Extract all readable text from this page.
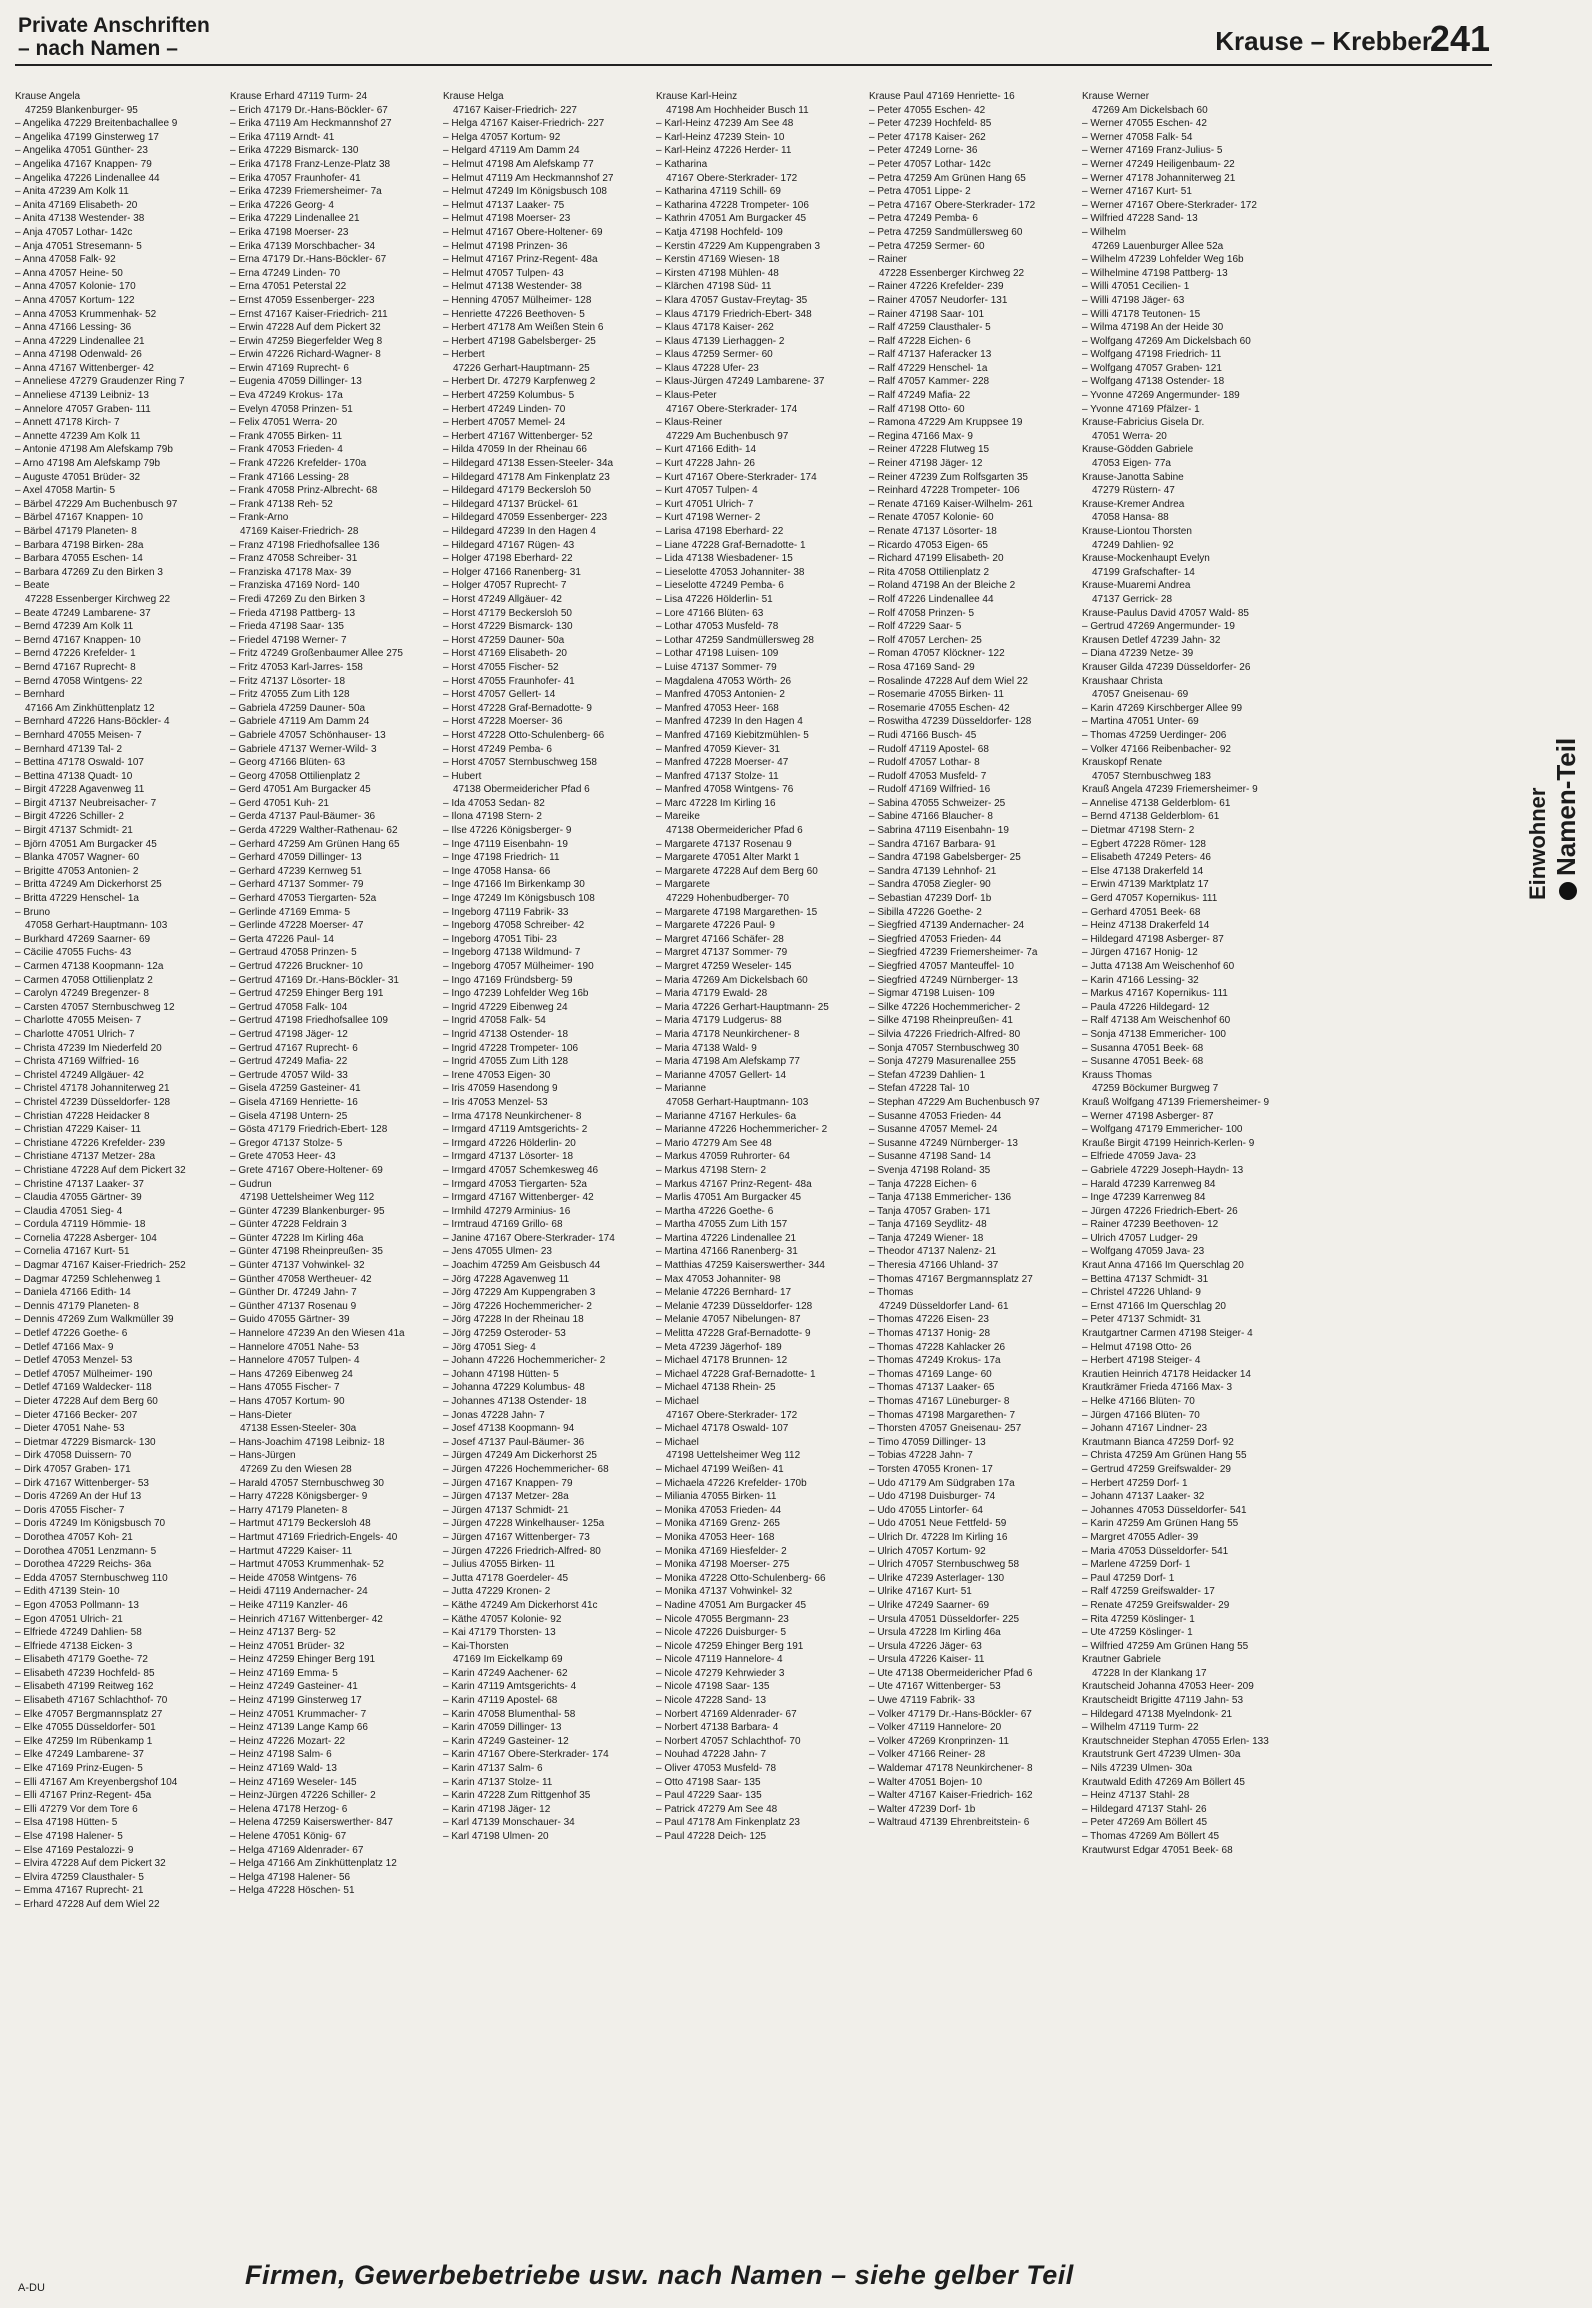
Private Anschriften
– nach Namen –	Krause – Krebber
241
Krause Angela
47259 Blankenburger- 95
– Angelika 47229 Breitenbachallee 9
– Angelika 47199 Ginsterweg 17
– Angelika 47051 Günther- 23
– Angelika 47167 Knappen- 79
– Angelika 47226 Lindenallee 44
– Anita 47239 Am Kolk 11
– Anita 47169 Elisabeth- 20
– Anita 47138 Westender- 38
– Anja 47057 Lothar- 142c
– Anja 47051 Stresemann- 5
– Anna 47058 Falk- 92
– Anna 47057 Heine- 50
– Anna 47057 Kolonie- 170
– Anna 47057 Kortum- 122
– Anna 47053 Krummenhak- 52
– Anna 47166 Lessing- 36
– Anna 47229 Lindenallee 21
– Anna 47198 Odenwald- 26
– Anna 47167 Wittenberger- 42
– Anneliese 47279 Graudenzer Ring 7
– Anneliese 47139 Leibniz- 13
– Annelore 47057 Graben- 111
– Annett 47178 Kirch- 7
– Annette 47239 Am Kolk 11
– Antonie 47198 Am Alefskamp 79b
– Arno 47198 Am Alefskamp 79b
– Auguste 47051 Brüder- 32
– Axel 47058 Martin- 5
– Bärbel 47229 Am Buchenbusch 97
– Bärbel 47167 Knappen- 10
– Bärbel 47179 Planeten- 8
– Barbara 47198 Birken- 28a
– Barbara 47055 Eschen- 14
– Barbara 47269 Zu den Birken 3
– Beate
47228 Essenberger Kirchweg 22
– Beate 47249 Lambarene- 37
– Bernd 47239 Am Kolk 11
– Bernd 47167 Knappen- 10
– Bernd 47226 Krefelder- 1
– Bernd 47167 Ruprecht- 8
– Bernd 47058 Wintgens- 22
– Bernhard
47166 Am Zinkhüttenplatz 12
– Bernhard 47226 Hans-Böckler- 4
– Bernhard 47055 Meisen- 7
– Bernhard 47139 Tal- 2
– Bettina 47178 Oswald- 107
– Bettina 47138 Quadt- 10
– Birgit 47228 Agavenweg 11
– Birgit 47137 Neubreisacher- 7
– Birgit 47226 Schiller- 2
– Birgit 47137 Schmidt- 21
– Björn 47051 Am Burgacker 45
– Blanka 47057 Wagner- 60
– Brigitte 47053 Antonien- 2
– Britta 47249 Am Dickerhorst 25
– Britta 47229 Henschel- 1a
– Bruno
47058 Gerhart-Hauptmann- 103
– Burkhard 47269 Saarner- 69
– Cäcilie 47055 Fuchs- 43
– Carmen 47138 Koopmann- 12a
– Carmen 47058 Ottilienplatz 2
– Carolyn 47249 Bregenzer- 8
– Carsten 47057 Sternbuschweg 12
– Charlotte 47055 Meisen- 7
– Charlotte 47051 Ulrich- 7
– Christa 47239 Im Niederfeld 20
– Christa 47169 Wilfried- 16
– Christel 47249 Allgäuer- 42
– Christel 47178 Johanniterweg 21
– Christel 47239 Düsseldorfer- 128
– Christian 47228 Heidacker 8
– Christian 47229 Kaiser- 11
– Christiane 47226 Krefelder- 239
– Christiane 47137 Metzer- 28a
– Christiane 47228 Auf dem Pickert 32
– Christine 47137 Laaker- 37
– Claudia 47055 Gärtner- 39
– Claudia 47051 Sieg- 4
– Cordula 47119 Hömmie- 18
– Cornelia 47228 Asberger- 104
– Cornelia 47167 Kurt- 51
– Dagmar 47167 Kaiser-Friedrich- 252
– Dagmar 47259 Schlehenweg 1
– Daniela 47166 Edith- 14
– Dennis 47179 Planeten- 8
– Dennis 47269 Zum Walkmüller 39
– Detlef 47226 Goethe- 6
– Detlef 47166 Max- 9
– Detlef 47053 Menzel- 53
– Detlef 47057 Mülheimer- 190
– Detlef 47169 Waldecker- 118
– Dieter 47228 Auf dem Berg 60
– Dieter 47166 Becker- 207
– Dieter 47051 Nahe- 53
– Dietmar 47229 Bismarck- 130
– Dirk 47058 Duissern- 70
– Dirk 47057 Graben- 171
– Dirk 47167 Wittenberger- 53
– Doris 47269 An der Huf 13
– Doris 47055 Fischer- 7
– Doris 47249 Im Königsbusch 70
– Dorothea 47057 Koh- 21
– Dorothea 47051 Lenzmann- 5
– Dorothea 47229 Reichs- 36a
– Edda 47057 Sternbuschweg 110
– Edith 47139 Stein- 10
– Egon 47053 Pollmann- 13
– Egon 47051 Ulrich- 21
– Elfriede 47249 Dahlien- 58
– Elfriede 47138 Eicken- 3
– Elisabeth 47179 Goethe- 72
– Elisabeth 47239 Hochfeld- 85
– Elisabeth 47199 Reitweg 162
– Elisabeth 47167 Schlachthof- 70
– Elke 47057 Bergmannsplatz 27
– Elke 47055 Düsseldorfer- 501
– Elke 47259 Im Rübenkamp 1
– Elke 47249 Lambarene- 37
– Elke 47169 Prinz-Eugen- 5
– Elli 47167 Am Kreyenbergshof 104
– Elli 47167 Prinz-Regent- 45a
– Elli 47279 Vor dem Tore 6
– Elsa 47198 Hütten- 5
– Else 47198 Halener- 5
– Else 47169 Pestalozzi- 9
– Elvira 47228 Auf dem Pickert 32
– Elvira 47259 Clausthaler- 5
– Emma 47167 Ruprecht- 21
– Erhard 47228 Auf dem Wiel 22
Krause Erhard 47119 Turm- 24
– Erich 47179 Dr.-Hans-Böckler- 67
– Erika 47119 Am Heckmannshof 27
– Erika 47119 Arndt- 41
– Erika 47229 Bismarck- 130
– Erika 47178 Franz-Lenze-Platz 38
– Erika 47057 Fraunhofer- 41
– Erika 47239 Friemersheimer- 7a
– Erika 47226 Georg- 4
– Erika 47229 Lindenallee 21
– Erika 47198 Moerser- 23
– Erika 47139 Morschbacher- 34
– Erna 47179 Dr.-Hans-Böckler- 67
– Erna 47249 Linden- 70
– Erna 47051 Peterstal 22
– Ernst 47059 Essenberger- 223
– Ernst 47167 Kaiser-Friedrich- 211
– Erwin 47228 Auf dem Pickert 32
– Erwin 47259 Biegerfelder Weg 8
– Erwin 47226 Richard-Wagner- 8
– Erwin 47169 Ruprecht- 6
– Eugenia 47059 Dillinger- 13
– Eva 47249 Krokus- 17a
– Evelyn 47058 Prinzen- 51
– Felix 47051 Werra- 20
– Frank 47055 Birken- 11
– Frank 47053 Frieden- 4
– Frank 47226 Krefelder- 170a
– Frank 47166 Lessing- 28
– Frank 47058 Prinz-Albrecht- 68
– Frank 47138 Reh- 52
– Frank-Arno
47169 Kaiser-Friedrich- 28
– Franz 47198 Friedhofsallee 136
– Franz 47058 Schreiber- 31
– Franziska 47178 Max- 39
– Franziska 47169 Nord- 140
– Fredi 47269 Zu den Birken 3
– Frieda 47198 Pattberg- 13
– Frieda 47198 Saar- 135
– Friedel 47198 Werner- 7
– Fritz 47249 Großenbaumer Allee 275
– Fritz 47053 Karl-Jarres- 158
– Fritz 47137 Lösorter- 18
– Fritz 47055 Zum Lith 128
– Gabriela 47259 Dauner- 50a
– Gabriele 47119 Am Damm 24
– Gabriele 47057 Schönhauser- 13
– Gabriele 47137 Werner-Wild- 3
– Georg 47166 Blüten- 63
– Georg 47058 Ottilienplatz 2
– Gerd 47051 Am Burgacker 45
– Gerd 47051 Kuh- 21
– Gerda 47137 Paul-Bäumer- 36
– Gerda 47229 Walther-Rathenau- 62
– Gerhard 47259 Am Grünen Hang 65
– Gerhard 47059 Dillinger- 13
– Gerhard 47239 Kernweg 51
– Gerhard 47137 Sommer- 79
– Gerhard 47053 Tiergarten- 52a
– Gerlinde 47169 Emma- 5
– Gerlinde 47228 Moerser- 47
– Gerta 47226 Paul- 14
– Gertraud 47058 Prinzen- 5
– Gertrud 47226 Bruckner- 10
– Gertrud 47169 Dr.-Hans-Böckler- 31
– Gertrud 47259 Ehinger Berg 191
– Gertrud 47058 Falk- 104
– Gertrud 47198 Friedhofsallee 109
– Gertrud 47198 Jäger- 12
– Gertrud 47167 Ruprecht- 6
– Gertrud 47249 Mafia- 22
– Gertrude 47057 Wild- 33
– Gisela 47259 Gasteiner- 41
– Gisela 47169 Henriette- 16
– Gisela 47198 Untern- 25
– Gösta 47179 Friedrich-Ebert- 128
– Gregor 47137 Stolze- 5
– Grete 47053 Heer- 43
– Grete 47167 Obere-Holtener- 69
– Gudrun
47198 Uettelsheimer Weg 112
– Günter 47239 Blankenburger- 95
– Günter 47228 Feldrain 3
– Günter 47228 Im Kirling 46a
– Günter 47198 Rheinpreußen- 35
– Günter 47137 Vohwinkel- 32
– Günther 47058 Wertheuer- 42
– Günther Dr. 47249 Jahn- 7
– Günther 47137 Rosenau 9
– Guido 47055 Gärtner- 39
– Hannelore 47239 An den Wiesen 41a
– Hannelore 47051 Nahe- 53
– Hannelore 47057 Tulpen- 4
– Hans 47269 Eibenweg 24
– Hans 47055 Fischer- 7
– Hans 47057 Kortum- 90
– Hans-Dieter
47138 Essen-Steeler- 30a
– Hans-Joachim 47198 Leibniz- 18
– Hans-Jürgen
47269 Zu den Wiesen 28
– Harald 47057 Sternbuschweg 30
– Harry 47228 Königsberger- 9
– Harry 47179 Planeten- 8
– Hartmut 47179 Beckersloh 48
– Hartmut 47169 Friedrich-Engels- 40
– Hartmut 47229 Kaiser- 11
– Hartmut 47053 Krummenhak- 52
– Heide 47058 Wintgens- 76
– Heidi 47119 Andernacher- 24
– Heike 47119 Kanzler- 46
– Heinrich 47167 Wittenberger- 42
– Heinz 47137 Berg- 52
– Heinz 47051 Brüder- 32
– Heinz 47259 Ehinger Berg 191
– Heinz 47169 Emma- 5
– Heinz 47249 Gasteiner- 41
– Heinz 47199 Ginsterweg 17
– Heinz 47051 Krummacher- 7
– Heinz 47139 Lange Kamp 66
– Heinz 47226 Mozart- 22
– Heinz 47198 Salm- 6
– Heinz 47169 Wald- 13
– Heinz 47169 Weseler- 145
– Heinz-Jürgen 47226 Schiller- 2
– Helena 47178 Herzog- 6
– Helena 47259 Kaiserswerther- 847
– Helene 47051 König- 67
– Helga 47169 Aldenrader- 67
– Helga 47166 Am Zinkhüttenplatz 12
– Helga 47198 Halener- 56
– Helga 47228 Höschen- 51
Krause Helga
47167 Kaiser-Friedrich- 227
– Helga 47167 Kaiser-Friedrich- 227
– Helga 47057 Kortum- 92
– Helgard 47119 Am Damm 24
– Helmut 47198 Am Alefskamp 77
– Helmut 47119 Am Heckmannshof 27
– Helmut 47249 Im Königsbusch 108
– Helmut 47137 Laaker- 75
– Helmut 47198 Moerser- 23
– Helmut 47167 Obere-Holtener- 69
– Helmut 47198 Prinzen- 36
– Helmut 47167 Prinz-Regent- 48a
– Helmut 47057 Tulpen- 43
– Helmut 47138 Westender- 38
– Henning 47057 Mülheimer- 128
– Henriette 47226 Beethoven- 5
– Herbert 47178 Am Weißen Stein 6
– Herbert 47198 Gabelsberger- 25
– Herbert
47226 Gerhart-Hauptmann- 25
– Herbert Dr. 47279 Karpfenweg 2
– Herbert 47259 Kolumbus- 5
– Herbert 47249 Linden- 70
– Herbert 47057 Memel- 24
– Herbert 47167 Wittenberger- 52
– Hilda 47059 In der Rheinau 66
– Hildegard 47138 Essen-Steeler- 34a
– Hildegard 47178 Am Finkenplatz 23
– Hildegard 47179 Beckersloh 50
– Hildegard 47137 Brückel- 61
– Hildegard 47059 Essenberger- 223
– Hildegard 47239 In den Hagen 4
– Hildegard 47167 Rügen- 43
– Holger 47198 Eberhard- 22
– Holger 47166 Ranenberg- 31
– Holger 47057 Ruprecht- 7
– Horst 47249 Allgäuer- 42
– Horst 47179 Beckersloh 50
– Horst 47229 Bismarck- 130
– Horst 47259 Dauner- 50a
– Horst 47169 Elisabeth- 20
– Horst 47055 Fischer- 52
– Horst 47055 Fraunhofer- 41
– Horst 47057 Gellert- 14
– Horst 47228 Graf-Bernadotte- 9
– Horst 47228 Moerser- 36
– Horst 47228 Otto-Schulenberg- 66
– Horst 47249 Pemba- 6
– Horst 47057 Sternbuschweg 158
– Hubert
47138 Obermeidericher Pfad 6
– Ida 47053 Sedan- 82
– Ilona 47198 Stern- 2
– Ilse 47226 Königsberger- 9
– Inge 47119 Eisenbahn- 19
– Inge 47198 Friedrich- 11
– Inge 47058 Hansa- 66
– Inge 47166 Im Birkenkamp 30
– Inge 47249 Im Königsbusch 108
– Ingeborg 47119 Fabrik- 33
– Ingeborg 47058 Schreiber- 42
– Ingeborg 47051 Tibi- 23
– Ingeborg 47138 Wildmund- 7
– Ingeborg 47057 Mülheimer- 190
– Ingo 47169 Fründsberg- 59
– Ingo 47239 Lohfelder Weg 16b
– Ingrid 47229 Eibenweg 24
– Ingrid 47058 Falk- 54
– Ingrid 47138 Ostender- 18
– Ingrid 47228 Trompeter- 106
– Ingrid 47055 Zum Lith 128
– Irene 47053 Eigen- 30
– Iris 47059 Hasendong 9
– Iris 47053 Menzel- 53
– Irma 47178 Neunkirchener- 8
– Irmgard 47119 Amtsgerichts- 2
– Irmgard 47226 Hölderlin- 20
– Irmgard 47137 Lösorter- 18
– Irmgard 47057 Schemkesweg 46
– Irmgard 47053 Tiergarten- 52a
– Irmgard 47167 Wittenberger- 42
– Irmhild 47279 Arminius- 16
– Irmtraud 47169 Grillo- 68
– Janine 47167 Obere-Sterkrader- 174
– Jens 47055 Ulmen- 23
– Joachim 47259 Am Geisbusch 44
– Jörg 47228 Agavenweg 11
– Jörg 47229 Am Kuppengraben 3
– Jörg 47226 Hochemmericher- 2
– Jörg 47228 In der Rheinau 18
– Jörg 47259 Osteroder- 53
– Jörg 47051 Sieg- 4
– Johann 47226 Hochemmericher- 2
– Johann 47198 Hütten- 5
– Johanna 47229 Kolumbus- 48
– Johannes 47138 Ostender- 18
– Jonas 47228 Jahn- 7
– Josef 47138 Koopmann- 94
– Josef 47137 Paul-Bäumer- 36
– Jürgen 47249 Am Dickerhorst 25
– Jürgen 47226 Hochemmericher- 68
– Jürgen 47167 Knappen- 79
– Jürgen 47137 Metzer- 28a
– Jürgen 47137 Schmidt- 21
– Jürgen 47228 Winkelhauser- 125a
– Jürgen 47167 Wittenberger- 73
– Jürgen 47226 Friedrich-Alfred- 80
– Julius 47055 Birken- 11
– Jutta 47178 Goerdeler- 45
– Jutta 47229 Kronen- 2
– Käthe 47249 Am Dickerhorst 41c
– Käthe 47057 Kolonie- 92
– Kai 47179 Thorsten- 13
– Kai-Thorsten
47169 Im Eickelkamp 69
– Karin 47249 Aachener- 62
– Karin 47119 Amtsgerichts- 4
– Karin 47119 Apostel- 68
– Karin 47058 Blumenthal- 58
– Karin 47059 Dillinger- 13
– Karin 47249 Gasteiner- 12
– Karin 47167 Obere-Sterkrader- 174
– Karin 47137 Salm- 6
– Karin 47137 Stolze- 11
– Karin 47228 Zum Rittgenhof 35
– Karin 47198 Jäger- 12
– Karl 47139 Monschauer- 34
– Karl 47198 Ulmen- 20
Krause Karl-Heinz
47198 Am Hochheider Busch 11
– Karl-Heinz 47239 Am See 48
– Karl-Heinz 47239 Stein- 10
– Karl-Heinz 47226 Herder- 11
– Katharina
47167 Obere-Sterkrader- 172
– Katharina 47119 Schill- 69
– Katharina 47228 Trompeter- 106
– Kathrin 47051 Am Burgacker 45
– Katja 47198 Hochfeld- 109
– Kerstin 47229 Am Kuppengraben 3
– Kerstin 47169 Wiesen- 18
– Kirsten 47198 Mühlen- 48
– Klärchen 47198 Süd- 11
– Klara 47057 Gustav-Freytag- 35
– Klaus 47179 Friedrich-Ebert- 348
– Klaus 47178 Kaiser- 262
– Klaus 47139 Lierhaggen- 2
– Klaus 47259 Sermer- 60
– Klaus 47228 Ufer- 23
– Klaus-Jürgen 47249 Lambarene- 37
– Klaus-Peter
47167 Obere-Sterkrader- 174
– Klaus-Reiner
47229 Am Buchenbusch 97
– Kurt 47166 Edith- 14
– Kurt 47228 Jahn- 26
– Kurt 47167 Obere-Sterkrader- 174
– Kurt 47057 Tulpen- 4
– Kurt 47051 Ulrich- 7
– Kurt 47198 Werner- 2
– Larisa 47198 Eberhard- 22
– Liane 47228 Graf-Bernadotte- 1
– Lida 47138 Wiesbadener- 15
– Lieselotte 47053 Johanniter- 38
– Lieselotte 47249 Pemba- 6
– Lisa 47226 Hölderlin- 51
– Lore 47166 Blüten- 63
– Lothar 47053 Musfeld- 78
– Lothar 47259 Sandmüllersweg 28
– Lothar 47198 Luisen- 109
– Luise 47137 Sommer- 79
– Magdalena 47053 Wörth- 26
– Manfred 47053 Antonien- 2
– Manfred 47053 Heer- 168
– Manfred 47239 In den Hagen 4
– Manfred 47169 Kiebitzmühlen- 5
– Manfred 47059 Kiever- 31
– Manfred 47228 Moerser- 47
– Manfred 47137 Stolze- 11
– Manfred 47058 Wintgens- 76
– Marc 47228 Im Kirling 16
– Mareike
47138 Obermeidericher Pfad 6
– Margarete 47137 Rosenau 9
– Margarete 47051 Alter Markt 1
– Margarete 47228 Auf dem Berg 60
– Margarete
47229 Hohenbudberger- 70
– Margarete 47198 Margarethen- 15
– Margarete 47226 Paul- 9
– Margret 47166 Schäfer- 28
– Margret 47137 Sommer- 79
– Margret 47259 Weseler- 145
– Maria 47269 Am Dickelsbach 60
– Maria 47179 Ewald- 28
– Maria 47226 Gerhart-Hauptmann- 25
– Maria 47179 Ludgerus- 88
– Maria 47178 Neunkirchener- 8
– Maria 47138 Wald- 9
– Maria 47198 Am Alefskamp 77
– Marianne 47057 Gellert- 14
– Marianne
47058 Gerhart-Hauptmann- 103
– Marianne 47167 Herkules- 6a
– Marianne 47226 Hochemmericher- 2
– Mario 47279 Am See 48
– Markus 47059 Ruhrorter- 64
– Markus 47198 Stern- 2
– Markus 47167 Prinz-Regent- 48a
– Marlis 47051 Am Burgacker 45
– Martha 47226 Goethe- 6
– Martha 47055 Zum Lith 157
– Martina 47226 Lindenallee 21
– Martina 47166 Ranenberg- 31
– Matthias 47259 Kaiserswerther- 344
– Max 47053 Johanniter- 98
– Melanie 47226 Bernhard- 17
– Melanie 47239 Düsseldorfer- 128
– Melanie 47057 Nibelungen- 87
– Melitta 47228 Graf-Bernadotte- 9
– Meta 47239 Jägerhof- 189
– Michael 47178 Brunnen- 12
– Michael 47228 Graf-Bernadotte- 1
– Michael 47138 Rhein- 25
– Michael
47167 Obere-Sterkrader- 172
– Michael 47178 Oswald- 107
– Michael
47198 Uettelsheimer Weg 112
– Michael 47199 Weißen- 41
– Michaela 47226 Krefelder- 170b
– Miliania 47055 Birken- 11
– Monika 47053 Frieden- 44
– Monika 47169 Grenz- 265
– Monika 47053 Heer- 168
– Monika 47169 Hiesfelder- 2
– Monika 47198 Moerser- 275
– Monika 47228 Otto-Schulenberg- 66
– Monika 47137 Vohwinkel- 32
– Nadine 47051 Am Burgacker 45
– Nicole 47055 Bergmann- 23
– Nicole 47226 Duisburger- 5
– Nicole 47259 Ehinger Berg 191
– Nicole 47119 Hannelore- 4
– Nicole 47279 Kehrwieder 3
– Nicole 47198 Saar- 135
– Nicole 47228 Sand- 13
– Norbert 47169 Aldenrader- 67
– Norbert 47138 Barbara- 4
– Norbert 47057 Schlachthof- 70
– Nouhad 47228 Jahn- 7
– Oliver 47053 Musfeld- 78
– Otto 47198 Saar- 135
– Paul 47229 Saar- 135
– Patrick 47279 Am See 48
– Paul 47178 Am Finkenplatz 23
– Paul 47228 Deich- 125
Krause Paul 47169 Henriette- 16
– Peter 47055 Eschen- 42
– Peter 47239 Hochfeld- 85
– Peter 47178 Kaiser- 262
– Peter 47249 Lorne- 36
– Peter 47057 Lothar- 142c
– Petra 47259 Am Grünen Hang 65
– Petra 47051 Lippe- 2
– Petra 47167 Obere-Sterkrader- 172
– Petra 47249 Pemba- 6
– Petra 47259 Sandmüllersweg 60
– Petra 47259 Sermer- 60
– Rainer
47228 Essenberger Kirchweg 22
– Rainer 47226 Krefelder- 239
– Rainer 47057 Neudorfer- 131
– Rainer 47198 Saar- 101
– Ralf 47259 Clausthaler- 5
– Ralf 47228 Eichen- 6
– Ralf 47137 Haferacker 13
– Ralf 47229 Henschel- 1a
– Ralf 47057 Kammer- 228
– Ralf 47249 Mafia- 22
– Ralf 47198 Otto- 60
– Ramona 47229 Am Kruppsee 19
– Regina 47166 Max- 9
– Reiner 47228 Flutweg 15
– Reiner 47198 Jäger- 12
– Reiner 47239 Zum Rolfsgarten 35
– Reinhard 47228 Trompeter- 106
– Renate 47169 Kaiser-Wilhelm- 261
– Renate 47057 Kolonie- 60
– Renate 47137 Lösorter- 18
– Ricardo 47053 Eigen- 65
– Richard 47199 Elisabeth- 20
– Rita 47058 Ottilienplatz 2
– Roland 47198 An der Bleiche 2
– Rolf 47226 Lindenallee 44
– Rolf 47058 Prinzen- 5
– Rolf 47229 Saar- 5
– Rolf 47057 Lerchen- 25
– Roman 47057 Klöckner- 122
– Rosa 47169 Sand- 29
– Rosalinde 47228 Auf dem Wiel 22
– Rosemarie 47055 Birken- 11
– Rosemarie 47055 Eschen- 42
– Roswitha 47239 Düsseldorfer- 128
– Rudi 47166 Busch- 45
– Rudolf 47119 Apostel- 68
– Rudolf 47057 Lothar- 8
– Rudolf 47053 Musfeld- 7
– Rudolf 47169 Wilfried- 16
– Sabina 47055 Schweizer- 25
– Sabine 47166 Blaucher- 8
– Sabrina 47119 Eisenbahn- 19
– Sandra 47167 Barbara- 91
– Sandra 47198 Gabelsberger- 25
– Sandra 47139 Lehnhof- 21
– Sandra 47058 Ziegler- 90
– Sebastian 47239 Dorf- 1b
– Sibilla 47226 Goethe- 2
– Siegfried 47139 Andernacher- 24
– Siegfried 47053 Frieden- 44
– Siegfried 47239 Friemersheimer- 7a
– Siegfried 47057 Manteuffel- 10
– Siegfried 47249 Nürnberger- 13
– Sigmar 47198 Luisen- 109
– Silke 47226 Hochemmericher- 2
– Silke 47198 Rheinpreußen- 41
– Silvia 47226 Friedrich-Alfred- 80
– Sonja 47057 Sternbuschweg 30
– Sonja 47279 Masurenallee 255
– Stefan 47239 Dahlien- 1
– Stefan 47228 Tal- 10
– Stephan 47229 Am Buchenbusch 97
– Susanne 47053 Frieden- 44
– Susanne 47057 Memel- 24
– Susanne 47249 Nürnberger- 13
– Susanne 47198 Sand- 14
– Svenja 47198 Roland- 35
– Tanja 47228 Eichen- 6
– Tanja 47138 Emmericher- 136
– Tanja 47057 Graben- 171
– Tanja 47169 Seydlitz- 48
– Tanja 47249 Wiener- 18
– Theodor 47137 Nalenz- 21
– Theresia 47166 Uhland- 37
– Thomas 47167 Bergmannsplatz 27
– Thomas
47249 Düsseldorfer Land- 61
– Thomas 47226 Eisen- 23
– Thomas 47137 Honig- 28
– Thomas 47228 Kahlacker 26
– Thomas 47249 Krokus- 17a
– Thomas 47169 Lange- 60
– Thomas 47137 Laaker- 65
– Thomas 47167 Lüneburger- 8
– Thomas 47198 Margarethen- 7
– Thorsten 47057 Gneisenau- 257
– Timo 47059 Dillinger- 13
– Tobias 47228 Jahn- 7
– Torsten 47055 Kronen- 17
– Udo 47179 Am Südgraben 17a
– Udo 47198 Duisburger- 74
– Udo 47055 Lintorfer- 64
– Udo 47051 Neue Fettfeld- 59
– Ulrich Dr. 47228 Im Kirling 16
– Ulrich 47057 Kortum- 92
– Ulrich 47057 Sternbuschweg 58
– Ulrike 47239 Asterlager- 130
– Ulrike 47167 Kurt- 51
– Ulrike 47249 Saarner- 69
– Ursula 47051 Düsseldorfer- 225
– Ursula 47228 Im Kirling 46a
– Ursula 47226 Jäger- 63
– Ursula 47226 Kaiser- 11
– Ute 47138 Obermeidericher Pfad 6
– Ute 47167 Wittenberger- 53
– Uwe 47119 Fabrik- 33
– Volker 47179 Dr.-Hans-Böckler- 67
– Volker 47119 Hannelore- 20
– Volker 47269 Kronprinzen- 11
– Volker 47166 Reiner- 28
– Waldemar 47178 Neunkirchener- 8
– Walter 47051 Bojen- 10
– Walter 47167 Kaiser-Friedrich- 162
– Walter 47239 Dorf- 1b
– Waltraud 47139 Ehrenbreitstein- 6
Krause Werner
47269 Am Dickelsbach 60
– Werner 47055 Eschen- 42
– Werner 47058 Falk- 54
– Werner 47169 Franz-Julius- 5
– Werner 47249 Heiligenbaum- 22
– Werner 47178 Johanniterweg 21
– Werner 47167 Kurt- 51
– Werner 47167 Obere-Sterkrader- 172
– Wilfried 47228 Sand- 13
– Wilhelm
47269 Lauenburger Allee 52a
– Wilhelm 47239 Lohfelder Weg 16b
– Wilhelmine 47198 Pattberg- 13
– Willi 47051 Cecilien- 1
– Willi 47198 Jäger- 63
– Willi 47178 Teutonen- 15
– Wilma 47198 An der Heide 30
– Wolfgang 47269 Am Dickelsbach 60
– Wolfgang 47198 Friedrich- 11
– Wolfgang 47057 Graben- 121
– Wolfgang 47138 Ostender- 18
– Yvonne 47269 Angermunder- 189
– Yvonne 47169 Pfälzer- 1
Krause-Fabricius Gisela Dr.
47051 Werra- 20
Krause-Gödden Gabriele
47053 Eigen- 77a
Krause-Janotta Sabine
47279 Rüstern- 47
Krause-Kremer Andrea
47058 Hansa- 88
Krause-Liontou Thorsten
47249 Dahlien- 92
Krause-Mockenhaupt Evelyn
47199 Grafschafter- 14
Krause-Muaremi Andrea
47137 Gerrick- 28
Krause-Paulus David 47057 Wald- 85
– Gertrud 47269 Angermunder- 19
Krausen Detlef 47239 Jahn- 32
– Diana 47239 Netze- 39
Krauser Gilda 47239 Düsseldorfer- 26
Kraushaar Christa
47057 Gneisenau- 69
– Karin 47269 Kirschberger Allee 99
– Martina 47051 Unter- 69
– Thomas 47259 Uerdinger- 206
– Volker 47166 Reibenbacher- 92
Krauskopf Renate
47057 Sternbuschweg 183
Krauß Angela 47239 Friemersheimer- 9
– Annelise 47138 Gelderblom- 61
– Bernd 47138 Gelderblom- 61
– Dietmar 47198 Stern- 2
– Egbert 47228 Römer- 128
– Elisabeth 47249 Peters- 46
– Else 47138 Drakerfeld 14
– Erwin 47139 Marktplatz 17
– Gerd 47057 Kopernikus- 111
– Gerhard 47051 Beek- 68
– Heinz 47138 Drakerfeld 14
– Hildegard 47198 Asberger- 87
– Jürgen 47167 Honig- 12
– Jutta 47138 Am Weischenhof 60
– Karin 47166 Lessing- 32
– Markus 47167 Kopernikus- 111
– Paula 47226 Hildegard- 12
– Ralf 47138 Am Weischenhof 60
– Sonja 47138 Emmericher- 100
– Susanna 47051 Beek- 68
– Susanne 47051 Beek- 68
Krauss Thomas
47259 Böckumer Burgweg 7
Krauß Wolfgang 47139 Friemersheimer- 9
– Werner 47198 Asberger- 87
– Wolfgang 47179 Emmericher- 100
Krauße Birgit 47199 Heinrich-Kerlen- 9
– Elfriede 47059 Java- 23
– Gabriele 47229 Joseph-Haydn- 13
– Harald 47239 Karrenweg 84
– Inge 47239 Karrenweg 84
– Jürgen 47226 Friedrich-Ebert- 26
– Rainer 47239 Beethoven- 12
– Ulrich 47057 Ludger- 29
– Wolfgang 47059 Java- 23
Kraut Anna 47166 Im Querschlag 20
– Bettina 47137 Schmidt- 31
– Christel 47226 Uhland- 9
– Ernst 47166 Im Querschlag 20
– Peter 47137 Schmidt- 31
Krautgartner Carmen 47198 Steiger- 4
– Helmut 47198 Otto- 26
– Herbert 47198 Steiger- 4
Krautien Heinrich 47178 Heidacker 14
Krautkrämer Frieda 47166 Max- 3
– Helke 47166 Blüten- 70
– Jürgen 47166 Blüten- 70
– Johann 47167 Lindner- 23
Krautmann Bianca 47259 Dorf- 92
– Christa 47259 Am Grünen Hang 55
– Gertrud 47259 Greifswalder- 29
– Herbert 47259 Dorf- 1
– Johann 47137 Laaker- 32
– Johannes 47053 Düsseldorfer- 541
– Karin 47259 Am Grünen Hang 55
– Margret 47055 Adler- 39
– Maria 47053 Düsseldorfer- 541
– Marlene 47259 Dorf- 1
– Paul 47259 Dorf- 1
– Ralf 47259 Greifswalder- 17
– Renate 47259 Greifswalder- 29
– Rita 47259 Köslinger- 1
– Ute 47259 Köslinger- 1
– Wilfried 47259 Am Grünen Hang 55
Krautner Gabriele
47228 In der Klankang 17
Krautscheid Johanna 47053 Heer- 209
Krautscheidt Brigitte 47119 Jahn- 53
– Hildegard 47138 Myelndonk- 21
– Wilhelm 47119 Turm- 22
Krautschneider Stephan 47055 Erlen- 133
Krautstrunk Gert 47239 Ulmen- 30a
– Nils 47239 Ulmen- 30a
Krautwald Edith 47269 Am Böllert 45
– Heinz 47137 Stahl- 28
– Hildegard 47137 Stahl- 26
– Peter 47269 Am Böllert 45
– Thomas 47269 Am Böllert 45
Krautwurst Edgar 47051 Beek- 68
Einwohner Namen-Teil
A-DU	Firmen, Gewerbebetriebe usw. nach Namen – siehe gelber Teil
